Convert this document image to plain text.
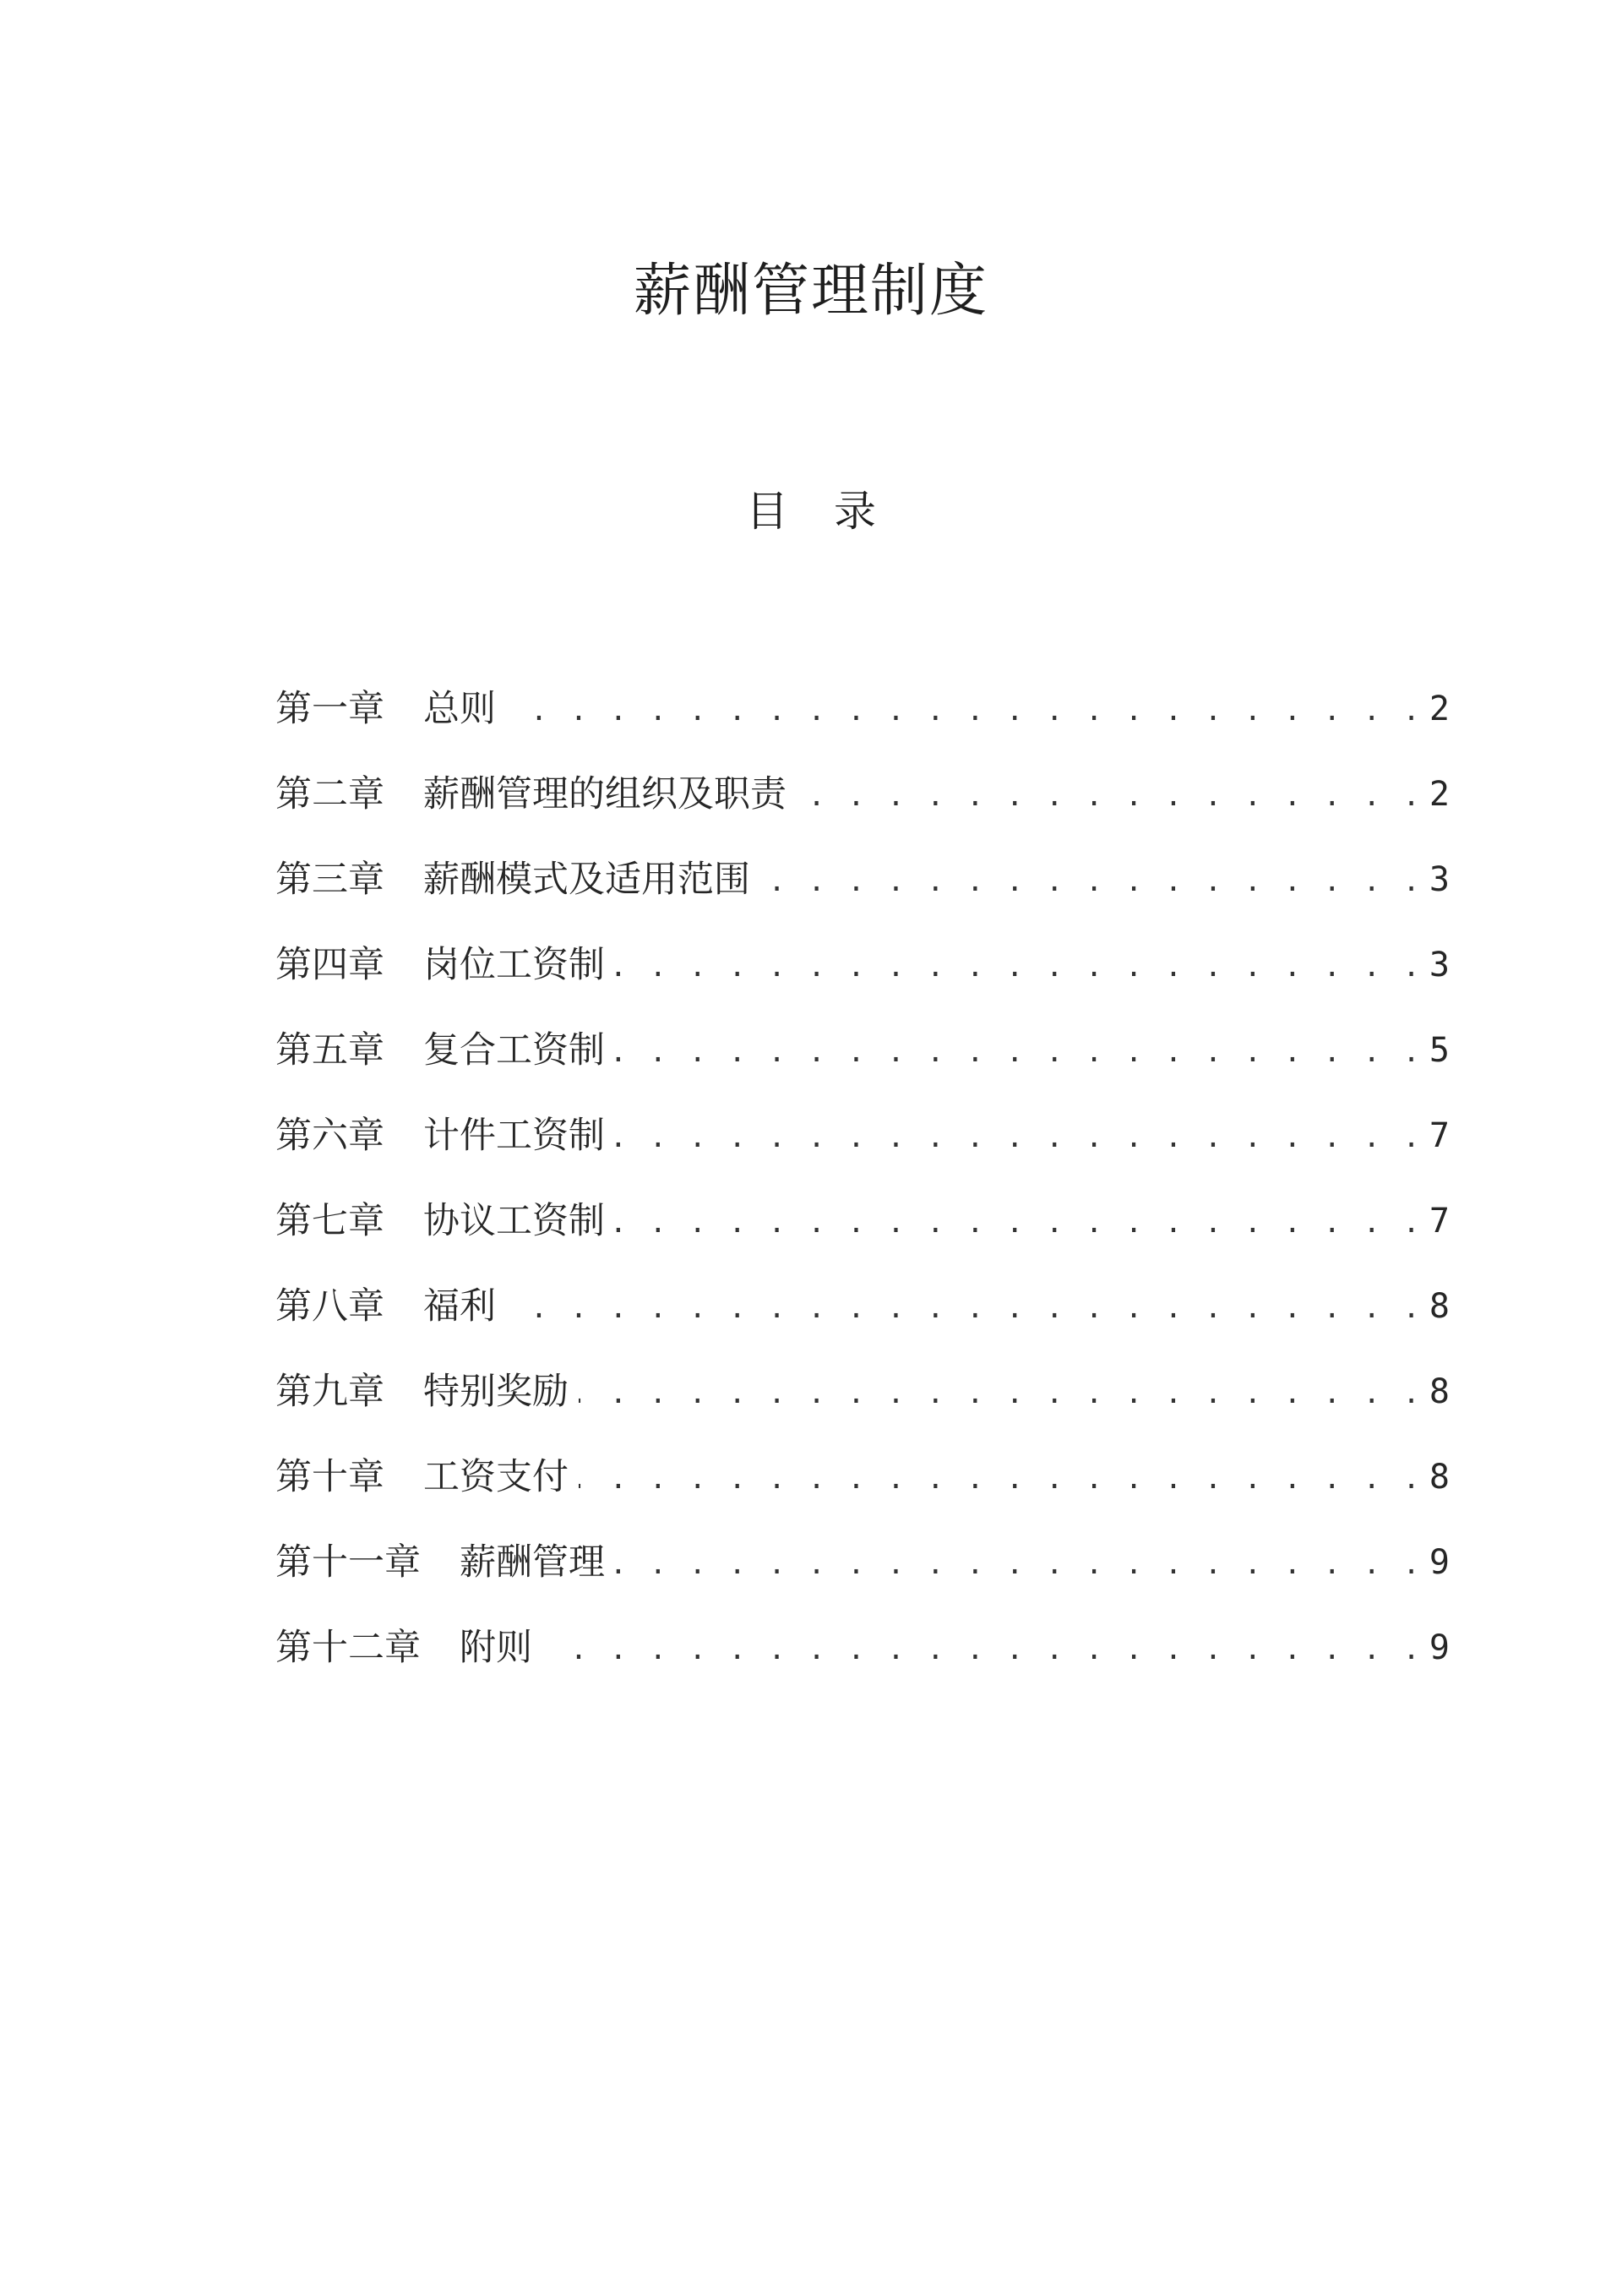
薪酬管理制度
目 录
第一章 总则 . . .	2
第二章 薪酬管理的组织及职责 . . .	2
第三章 薪酬模式及适用范围 . . .	3
第四章 岗位工资制 . . .	3
第五章 复合工资制 . . .	5
第六章 计件工资制 . . .	7
第七章 协议工资制 . . .	7
第八章 福利 . . .	8
第九章 特别奖励 . . .	8
第十章 工资支付 . . .	8
第十一章 薪酬管理 . . .	9
第十二章 附则 . . .	9
